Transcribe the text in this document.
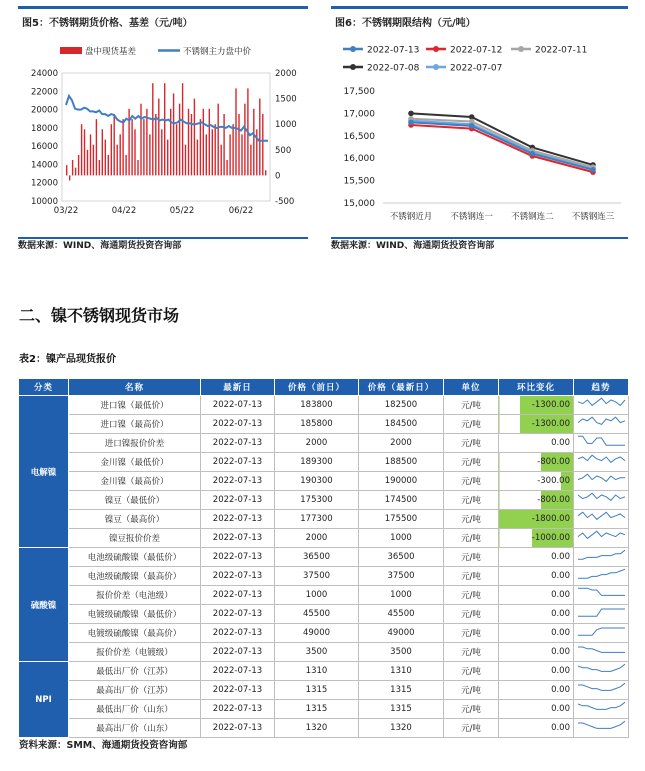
图5：不锈钢期货价格、基差（元/吨）
盘中现货基差	不锈钢主力盘中价
10000
12000
14000
16000
18000
20000
22000
24000
-500
0
500
1000
1500
2000
03/22	04/22	05/22	06/22
数据来源：WIND、海通期货投资咨询部
图6：不锈钢期限结构（元/吨）
2022-07-13	2022-07-12	2022-07-11
2022-07-08	2022-07-07
15,000
15,500
16,000
16,500
17,000
17,500
不锈钢近月 不锈钢连一 不锈钢连二 不锈钢连三
数据来源：WIND、海通期货投资咨询部
二、镍不锈钢现货市场
表2：镍产品现货报价
分类	名称	最新日	价格（前日）	价格（最新日）	单位	环比变化	趋势
电解镍	进口镍（最低价）	2022-07-13	183800	182500	元/吨	-1300.00	
	进口镍（最高价）	2022-07-13	185800	184500	元/吨	-1300.00	
	进口镍报价价差	2022-07-13	2000	2000	元/吨	0.00	
	金川镍（最低价）	2022-07-13	189300	188500	元/吨	-800.00	
	金川镍（最高价）	2022-07-13	190300	190000	元/吨	-300.00	
	镍豆（最低价）	2022-07-13	175300	174500	元/吨	-800.00	
	镍豆（最高价）	2022-07-13	177300	175500	元/吨	-1800.00	
	镍豆报价价差	2022-07-13	2000	1000	元/吨	-1000.00	
硫酸镍	电池级硫酸镍（最低价）	2022-07-13	36500	36500	元/吨	0.00	
	电池级硫酸镍（最高价）	2022-07-13	37500	37500	元/吨	0.00	
	报价价差（电池级）	2022-07-13	1000	1000	元/吨	0.00	
	电镀级硫酸镍（最低价）	2022-07-13	45500	45500	元/吨	0.00	
	电镀级硫酸镍（最高价）	2022-07-13	49000	49000	元/吨	0.00	
	报价价差（电镀级）	2022-07-13	3500	3500	元/吨	0.00	
NPI	最低出厂价（江苏）	2022-07-13	1310	1310	元/吨	0.00	
	最高出厂价（江苏）	2022-07-13	1315	1315	元/吨	0.00	
	最低出厂价（山东）	2022-07-13	1315	1315	元/吨	0.00	
	最高出厂价（山东）	2022-07-13	1320	1320	元/吨	0.00	
资料来源：SMM、海通期货投资咨询部
